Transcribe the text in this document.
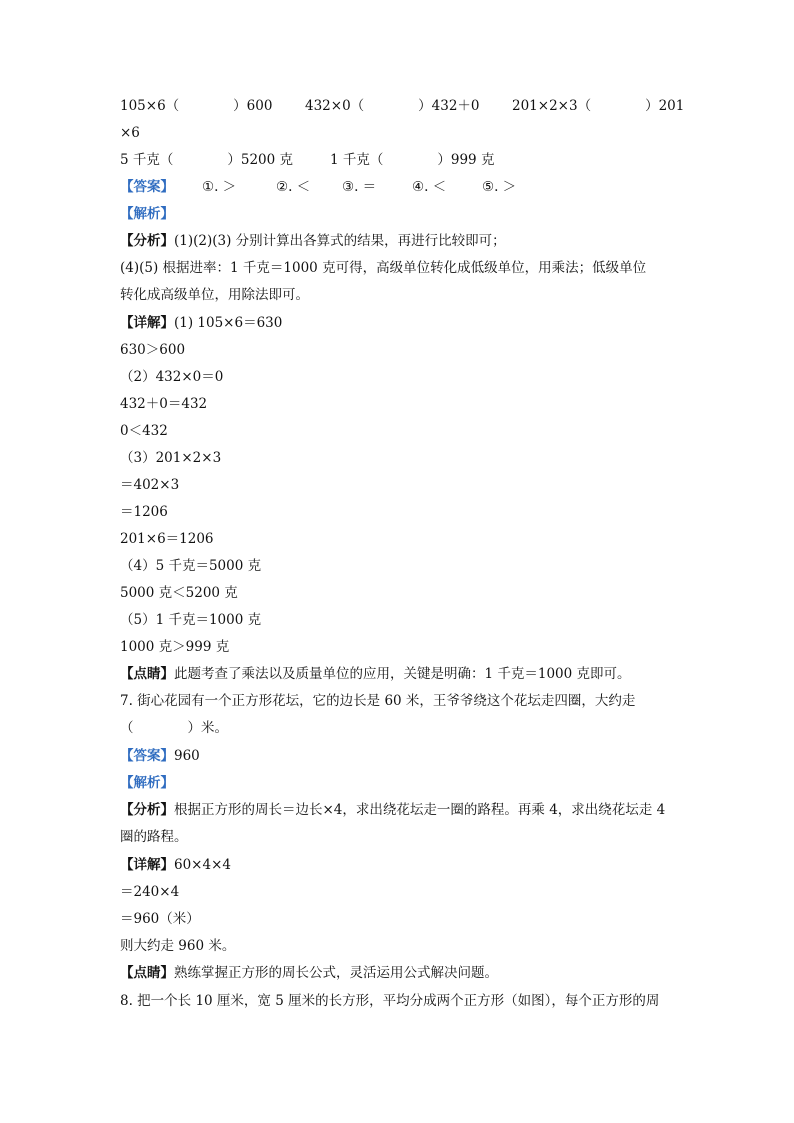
105×6（　　　　）600 432×0（　　　　）432＋0 201×2×3（　　　　）201
×6
5 千克（　　　　）5200 克	1 千克（　　　　）999 克
【答案】 ①. ＞	②. ＜ ③. ＝	④. ＜	⑤. ＞
【解析】
【分析】(1)(2)(3) 分别计算出各算式的结果，再进行比较即可；
(4)(5) 根据进率：1 千克＝1000 克可得，高级单位转化成低级单位，用乘法；低级单位
转化成高级单位，用除法即可。
【详解】(1) 105×6＝630
630＞600
（2）432×0＝0
432＋0＝432
0＜432
（3）201×2×3
＝402×3
＝1206
201×6＝1206
（4）5 千克＝5000 克
5000 克＜5200 克
（5）1 千克＝1000 克
1000 克＞999 克
【点睛】此题考查了乘法以及质量单位的应用，关键是明确：1 千克＝1000 克即可。
7. 街心花园有一个正方形花坛，它的边长是 60 米，王爷爷绕这个花坛走四圈，大约走
（　　　　）米。
【答案】960
【解析】
【分析】根据正方形的周长＝边长×4，求出绕花坛走一圈的路程。再乘 4，求出绕花坛走 4
圈的路程。
【详解】60×4×4
＝240×4
＝960（米）
则大约走 960 米。
【点睛】熟练掌握正方形的周长公式，灵活运用公式解决问题。
8. 把一个长 10 厘米，宽 5 厘米的长方形，平均分成两个正方形（如图），每个正方形的周
